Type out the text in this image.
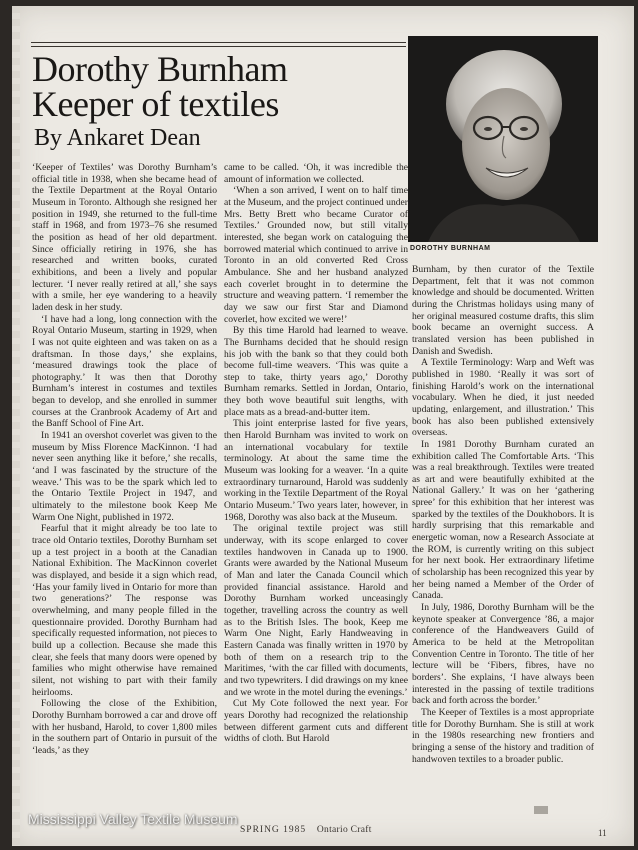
Dorothy Burnham
Keeper of textiles
By Ankaret Dean

‘Keeper of Textiles’ was Dorothy Burnham’s official title in 1938, when she became head of the Textile Department at the Royal Ontario Museum in Toronto. Although she resigned her position in 1949, she returned to the full-time staff in 1968, and from 1973–76 she resumed the position as head of her old department. Since officially retiring in 1976, she has researched and written books, curated exhibitions, and been a lively and popular lecturer. ‘I never really retired at all,’ she says with a smile, her eye wandering to a heavily laden desk in her study.

‘I have had a long, long connection with the Royal Ontario Museum, starting in 1929, when I was not quite eighteen and was taken on as a draftsman. In those days,’ she explains, ‘measured drawings took the place of photography.’ It was then that Dorothy Burnham’s interest in costumes and textiles began to develop, and she enrolled in summer courses at the Cranbrook Academy of Art and the Banff School of Fine Art.

In 1941 an overshot coverlet was given to the museum by Miss Florence MacKinnon. ‘I had never seen anything like it before,’ she recalls, ‘and I was fascinated by the structure of the weave.’ This was to be the spark which led to the Ontario Textile Project in 1947, and ultimately to the milestone book Keep Me Warm One Night, published in 1972.

Fearful that it might already be too late to trace old Ontario textiles, Dorothy Burnham set up a test project in a booth at the Canadian National Exhibition. The MacKinnon coverlet was displayed, and beside it a sign which read, ‘Has your family lived in Ontario for more than two generations?’ The response was overwhelming, and many people filled in the questionnaire provided. Dorothy Burnham had specifically requested information, not pieces to build up a collection. Because she made this clear, she feels that many doors were opened by families who might otherwise have remained silent, not wishing to part with their family heirlooms.

Following the close of the Exhibition, Dorothy Burnham borrowed a car and drove off with her husband, Harold, to cover 1,800 miles in the southern part of Ontario in pursuit of the ‘leads,’ as they

came to be called. ‘Oh, it was incredible the amount of information we collected.

‘When a son arrived, I went on to half time at the Museum, and the project continued under Mrs. Betty Brett who became Curator of Textiles.’ Grounded now, but still vitally interested, she began work on cataloguing the borrowed material which continued to arrive in Toronto in an old converted Red Cross Ambulance. She and her husband analyzed each coverlet brought in to determine the structure and weaving pattern. ‘I remember the day we saw our first Star and Diamond coverlet, how excited we were!’

By this time Harold had learned to weave. The Burnhams decided that he should resign his job with the bank so that they could both become full-time weavers. ‘This was quite a step to take, thirty years ago,’ Dorothy Burnham remarks. Settled in Jordan, Ontario, they both wove beautiful suit lengths, with place mats as a bread-and-butter item.

This joint enterprise lasted for five years, then Harold Burnham was invited to work on an international vocabulary for textile terminology. At about the same time the Museum was looking for a weaver. ‘In a quite extraordinary turnaround, Harold was suddenly working in the Textile Department of the Royal Ontario Museum.’ Two years later, however, in 1968, Dorothy was also back at the Museum.

The original textile project was still underway, with its scope enlarged to cover textiles handwoven in Canada up to 1900. Grants were awarded by the National Museum of Man and later the Canada Council which provided financial assistance. Harold and Dorothy Burnham worked unceasingly together, travelling across the country as well as to the British Isles. The book, Keep me Warm One Night, Early Handweaving in Eastern Canada was finally written in 1970 by both of them on a research trip to the Maritimes, ‘with the car filled with documents, and two typewriters. I did drawings on my knee and we wrote in the motel during the evenings.’

Cut My Cote followed the next year. For years Dorothy had recognized the relationship between different garment cuts and different widths of cloth. But Harold

DOROTHY BURNHAM

Burnham, by then curator of the Textile Department, felt that it was not common knowledge and should be documented. Written during the Christmas holidays using many of her original measured costume drafts, this slim book became an overnight success. A translated version has been published in Danish and Swedish.

A Textile Terminology: Warp and Weft was published in 1980. ‘Really it was sort of finishing Harold’s work on the international vocabulary. When he died, it just needed updating, enlargement, and illustration.’ This book has also been published extensively overseas.

In 1981 Dorothy Burnham curated an exhibition called The Comfortable Arts. ‘This was a real breakthrough. Textiles were treated as art and were beautifully exhibited at the National Gallery.’ It was on her ‘gathering spree’ for this exhibition that her interest was sparked by the textiles of the Doukhobors. It is hardly surprising that this remarkable and energetic woman, now a Research Associate at the ROM, is currently writing on this subject for her next book. Her extraordinary lifetime of scholarship has been recognized this year by her being named a Member of the Order of Canada.

In July, 1986, Dorothy Burnham will be the keynote speaker at Convergence ’86, a major conference of the Handweavers Guild of America to be held at the Metropolitan Convention Centre in Toronto. The title of her lecture will be ‘Fibers, fibres, have no borders’. She explains, ‘I have always been interested in the passing of textile traditions back and forth across the border.’

The Keeper of Textiles is a most appropriate title for Dorothy Burnham. She is still at work in the 1980s researching new frontiers and bringing a sense of the history and tradition of handwoven textiles to a broader public.

SPRING 1985 Ontario Craft	11
Mississippi Valley Textile Museum
